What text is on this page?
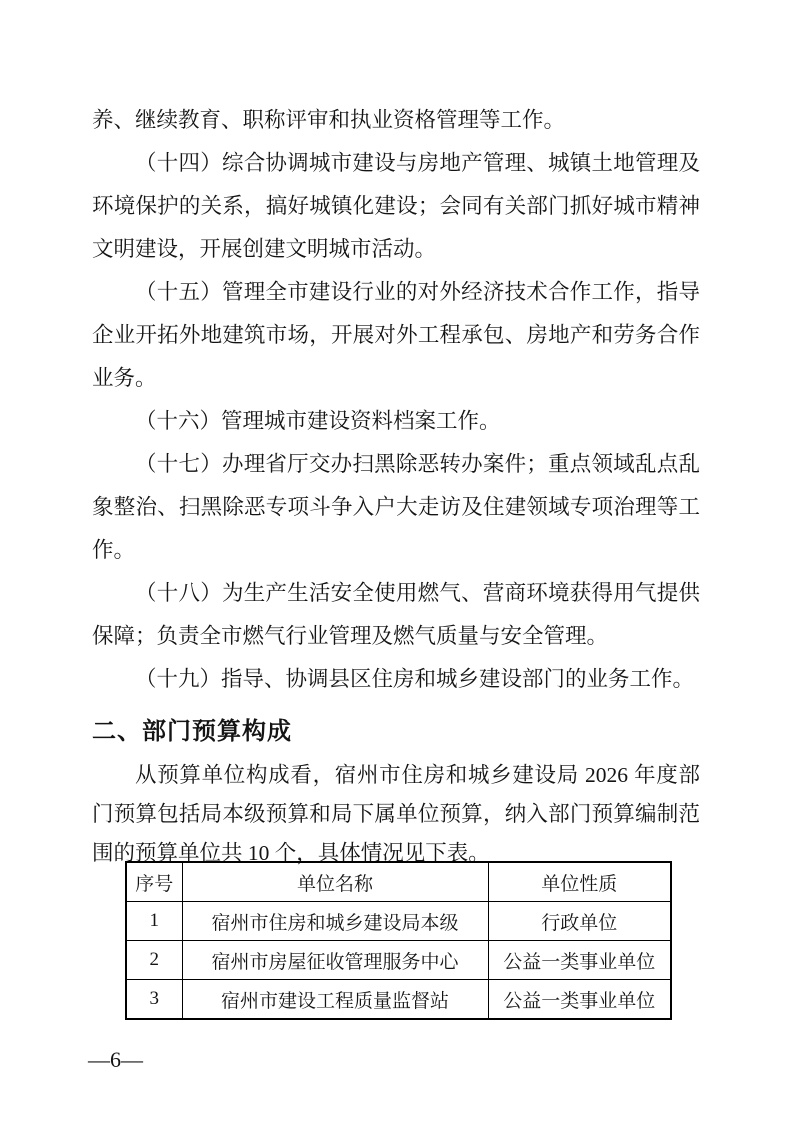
养、继续教育、职称评审和执业资格管理等工作。
（十四）综合协调城市建设与房地产管理、城镇土地管理及
环境保护的关系，搞好城镇化建设；会同有关部门抓好城市精神
文明建设，开展创建文明城市活动。
（十五）管理全市建设行业的对外经济技术合作工作，指导
企业开拓外地建筑市场，开展对外工程承包、房地产和劳务合作
业务。
（十六）管理城市建设资料档案工作。
（十七）办理省厅交办扫黑除恶转办案件；重点领域乱点乱
象整治、扫黑除恶专项斗争入户大走访及住建领域专项治理等工
作。
（十八）为生产生活安全使用燃气、营商环境获得用气提供
保障；负责全市燃气行业管理及燃气质量与安全管理。
（十九）指导、协调县区住房和城乡建设部门的业务工作。
二、部门预算构成
从预算单位构成看，宿州市住房和城乡建设局 2026 年度部
门预算包括局本级预算和局下属单位预算，纳入部门预算编制范
围的预算单位共 10 个，具体情况见下表。
序号	单位名称	单位性质
1	宿州市住房和城乡建设局本级	行政单位
2	宿州市房屋征收管理服务中心	公益一类事业单位
3	宿州市建设工程质量监督站	公益一类事业单位
—6—
